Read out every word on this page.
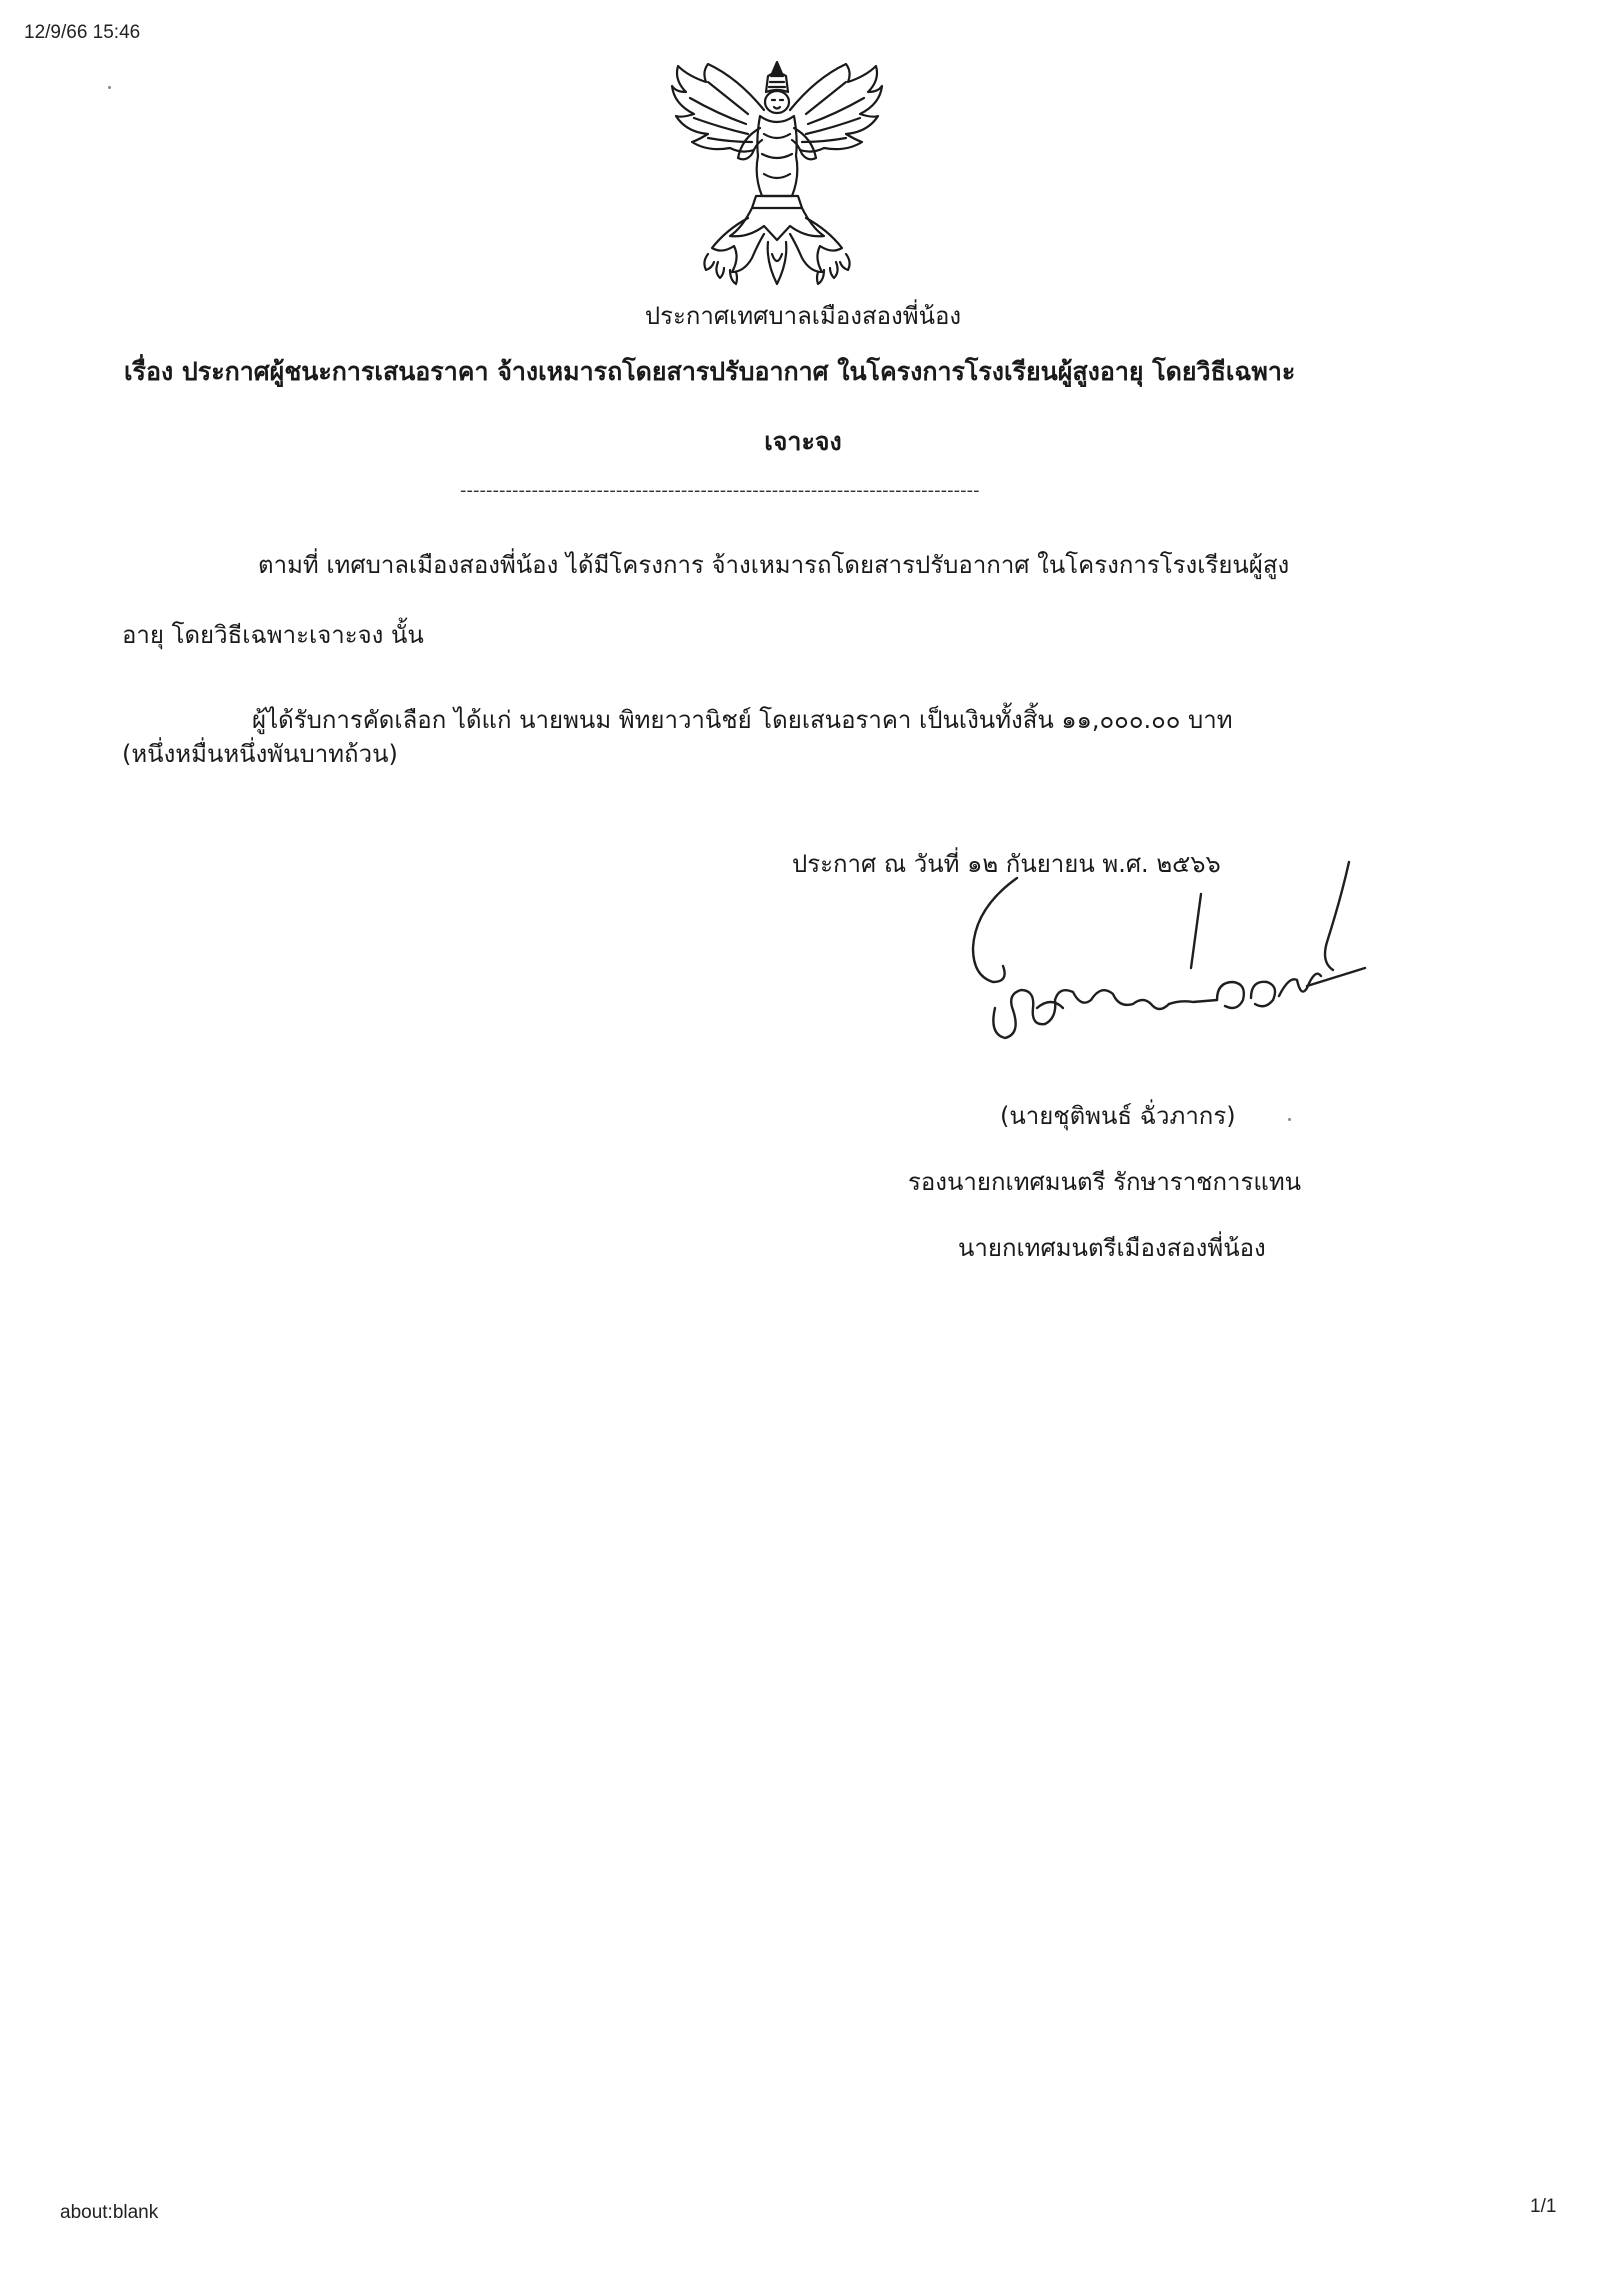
12/9/66 15:46
ประกาศเทศบาลเมืองสองพี่น้อง
เรื่อง ประกาศผู้ชนะการเสนอราคา จ้างเหมารถโดยสารปรับอากาศ ในโครงการโรงเรียนผู้สูงอายุ โดยวิธีเฉพาะ
เจาะจง
--------------------------------------------------------------------------------
ตามที่ เทศบาลเมืองสองพี่น้อง ได้มีโครงการ จ้างเหมารถโดยสารปรับอากาศ ในโครงการโรงเรียนผู้สูง
อายุ โดยวิธีเฉพาะเจาะจง นั้น
ผู้ได้รับการคัดเลือก ได้แก่ นายพนม พิทยาวานิชย์ โดยเสนอราคา เป็นเงินทั้งสิ้น ๑๑,๐๐๐.๐๐ บาท
(หนึ่งหมื่นหนึ่งพันบาทถ้วน)
ประกาศ ณ วันที่ ๑๒ กันยายน พ.ศ. ๒๕๖๖
(นายชุติพนธ์ ฉั่วภากร)
รองนายกเทศมนตรี รักษาราชการแทน
นายกเทศมนตรีเมืองสองพี่น้อง
about:blank	1/1
